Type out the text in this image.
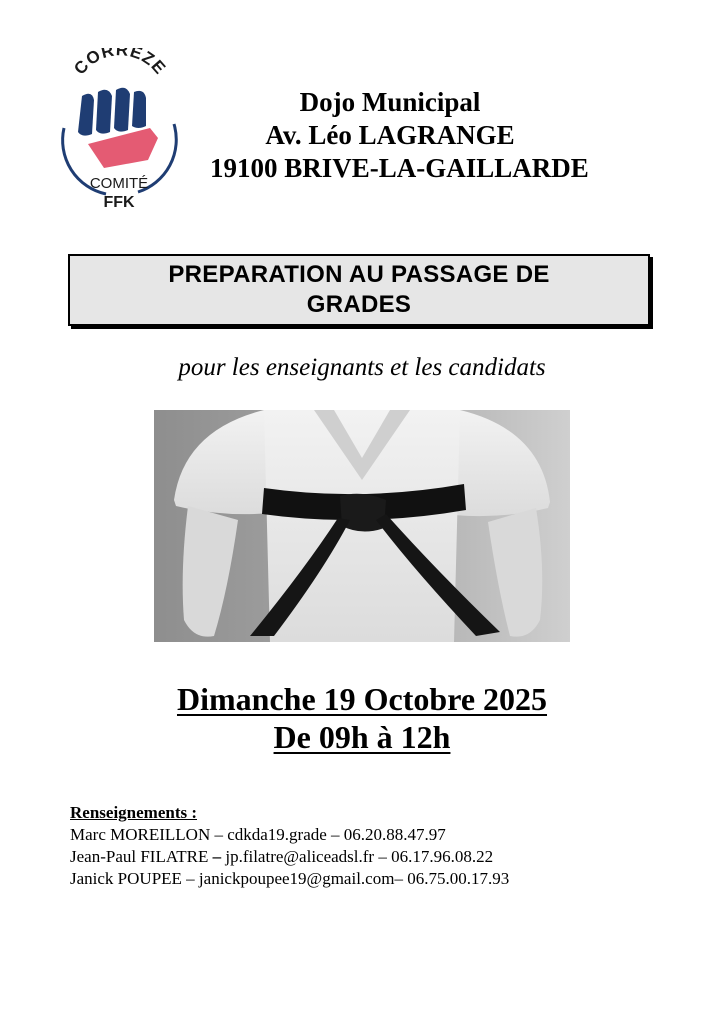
CORRÈZE
COMITÉ
FFK
Dojo Municipal
Av. Léo LAGRANGE
19100 BRIVE-LA-GAILLARDE
PREPARATION AU PASSAGE DE
GRADES
pour les enseignants et les candidats
Dimanche 19 Octobre 2025
De 09h à 12h
Renseignements :
Marc MOREILLON – cdkda19.grade – 06.20.88.47.97
Jean-Paul FILATRE – jp.filatre@aliceadsl.fr – 06.17.96.08.22
Janick POUPEE – janickpoupee19@gmail.com– 06.75.00.17.93
